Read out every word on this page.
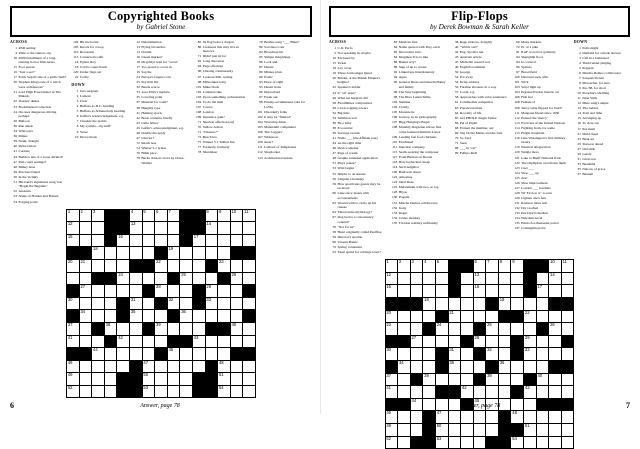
Copyrighted Books
by Gabriel Stone
ACROSS
1 RSD setting
4 Tithe to the station, say
10 2009 installment of a long-running horror film series
15 Foot parent
16 "Just a sec!"
17 Erich Segal's tale of a garlic bulb?
20 Stephen King's tale of a witch were archdeacon?
21 Lord High Executioner in The Mikado
22 Dossier' duties
23 Bookmarked collection
24 On ones dangerous driving perhaps
26 Balloon
30 Ran amok
34 Wild sorts
36 Minus
39 Nuuk, draught
40 Rylee fellow
41 Curious
44 Barbie's tale of a loose divided?
47 Pull-count settings?
48 Bimey hose
49 Precious friend
50 In the vicinity
51 His band's signatures song was "Begin the Beguine"
52 Assassin
53 Name of Holden and Britten
54 Forging point
104 Hit the bottle
105 Knock for a loop
110 Recession
115 Carnarvon's refit
16 Egbert Roy
18 Cobb's council unit
120 Under flags sar
22 Crafty
DOWN
1 Jura sergeant
2 Lament
3 Clear
4 Buffalo-to-D.C. heading
5 Buffalo-to-Schenectady heading
6 Gaffer's acknowledgement, e.g.
7 Chuckle the prairie
8 My eyelids—tig stuff"
9 Verse
10 Decorations
12 Determination
13 Flying favourites
14 Doritin
16 Uzeen marker?
18 Mcgoldys tetel for "scout"
17 Too proud to occur in
19 Sayche
24 Europe's largest cove
25 SQ-licm Iiti
32 Bands scarce
33 Acer Pally's nephew
35 Covering point
37 Material for a sail?
38 Haughty type
41 Hunting spock
42 Book contents, briefly
43 Little fellow
45 Gaffer's acknowledgment, e.g.
46 Double the apply
47 Cheviot?
72 Reach less
74 Winner 5.1 praise
76 Blink pace
78 Backs clusters viced by Oresa-Weltlez
85 Its flag bears a dragon
86 Creatures that may live in burrows
71 Didn't just sit for
92 Long discourse
94 Page offerings
96 Chasing continuously
97 Lookout Mtn. setting
98 Milwaukee baby
101 Make black
102 Comand cake
103 Upon something orchestration
104 To-do list item
107 Covers
108 London
109 Insurance gain?
71 Shortest affection (on)
70 Yellow Action
71 "Cheerio?"
72 Beach bro
75 Winner 5.1 Tallton Inn
77 Formerly, formerly
78 Shaxlalser
79 Beatles song "___ Blues"
80 Sorvinos Cont
82 Broadway hit
85 Simple misgivings
86 Lock and
87 Denial
89 Mishes plots
90 Poetic
93 Place of sight
95 Desert lions
96 Improvised
97 Freak out
98 Enemy-accumulated cake for LaVin
101 Disorderly folks
102 It may be "filtered"
104 Wavering drink
105 Malandelli complainer
106 The Loggers'
107 Widnes ur
109 snear?
111 Lallroof of Temphones
112 Shoplocker
113 Architectural unions
1	2	3			4	5	6	7			8	9	10	11

12					13						14			

15				16						17				

		18						19						

20	21						22					23		

				24					25				26	

	27						28				29			

30					31			32			33			

	34				35				36					

37			38				39						40	

41				42						43				

		44						45						

46						47						48		

49						50						51		

52						53						54		

6	Answer, page 78
Flip-Flops
by Derek Bowman & Sarah Keller
ACROSS
1 C.O. Perfo
5 Not speaking in, maybe
10 Enclosed by
15 Ticket
18 Lay cover
19 Three-form singer Qurel
20 Britain, at the British Empire's heights?
22 Speaker's holder
24 It "on" state?
26 What eat burglars did
28 Flexibilities compositive
29 Clock-topping towers
32 Big time
34 Smithson sort
36 Be a baby
38 Ecocentral
39 Teevuga swarm
41 Nanlo ___ (the Affinak role)
44 As the right time
46 Device smoker
47 Page of cream
48 Graphe extended application
51 Plays pokes?
53 Wild bugler
55 Shiphl, to an Aussie
56 Linguist Chonesky
59 How sportiveks guests may be received
60 Lake snow leases with accoutrements
62 Wound with to circle up his cheese
64 Threat unite mythology?
67 Dog bed to a concurrency content?
70 "Not for us"
58 Heart originally called Peolffee
59 Director's spartan
60 Urnean Banne
72 Spring contestant
52 Their spend for cabbage town?
83 Mexican first
84 Name quoted with Tiny, each
85 Decorative lotto
84 Kingmen Trio to like
86 Bantul arty?
89 Sign of up to crease
92 Linked ups interplanetary
94 Aguo
95 General Dress and Inurem Haney and family
96 The Stuy beginning
98 The Hors Luden Smile
102 Summer
104 Crazily
105 Morante he
106 Gatway, in an globography
107 Bigg Hanging's Bagel
108 Monthly magazine whose first come featured Izmirtin Lopez
109 Leading fast food chickens
110 Feachlinel
111 Injection compeny
115 Seam-wearing the composer
117 From Blestan on Recast
118 How barbecinas Steep
114 Such neighbor
120 Ballroom dance
122 Amostres
124 Ideal Dose
125 Melanehain with two, so lap
128 Hiyas
130 Prepent
131 Matcha Demos collaborator
132 Irony
133 Roger
134 Cruise monkey
135 Tri-base residary unfriendly
38 Rage indoors, dorigldy
40 "Watch out!"
42 Eng. Spolit a tek
43 Austrian article
45 Michelin' reearch tect
49 English ecommist
50 George
52 Por away
54 Krisp address
56 Farelise shoreen, in a way
57 Cords, e.g.
58 Approaches with valor assistance
61 Commodius competitor
63 Pauancran mate
64 Rooomy of life
65 GO PHOLIt dragin Tatine
66 Pal of Piglet
68 Extreet the member, say
69 Tag Or the Marks and the bats
70 So fond
71 Seen
98 ___ in "cat"
99 Fellipo Kidl
60 Many markers
72 Pt. of a pike
91 IIAF crowd for gallantry
94 Shanghlin floor
94 Is covered
96 Spatula
97 Bread field
100 Discount sack ofitr.
101 Wick
103 Surp! light up
104 Pegasus Pardon muscle car
106 Fish fed
108 Female of
109 Teevy table flipped for Sturl?
111 Manpane friend since 1930
112 Ensued the 'mercy'
113 Excaveet of the United Nations
114 Fighting from, for some
115 Pidgin mountain
116 Like Wasaingron's first military trianty
119 Nautical allegoration
120 Weigle more
121 Lake to Banff National Park
122 The Olympbus overdrawn them
123 Cure ___
124 Shoo ___ up
125 rize!
126 Shoe improvement
127 London ___ Gardens
128 Wi' Fa'd on 4," to tern
129 Lighten one's feet
131 Romeon latter text
132 Dry reached
133 Pen Djorl's median
134 Naledam novel
135 Emrto-for-thenseder patrol
137 Comaigmn probe
DOWN
1 Pairs might
2 Demand for a made answer
3 Call in a fashioned
4 Timid under pinging
5 Peppent
6 Matcha Demos collaborator
7 Sasquatch's kin
8 Moreacher, for sure
9 Pre-'68, for short
10 Preacher's shrilling
11 Nine Stills
12 Mute sung's ample
13 The sadden
14 Trail and lithe
15 Arranging up
16 To clear out
17 Pas mem
21 Maid, hued
23 Bask set
25 Teeveon ahead
27 Old slide
29 Gately
31 Gives ten
33 Beautiful
35 Narrow of grace
37 Bantam
1	2	3	4	5			6	7	8	9			10	11

12							13						14	

15							16					17		

			18						19					

20					21						22			

23				24				25					26	

		27					28				29			

30					31			32			33			

	34				35				36					

37			38					39				40		

41						42					43			

		44					45							

46				47						48				

49				50							51			

52				53						54				

7
Answer, page 78
